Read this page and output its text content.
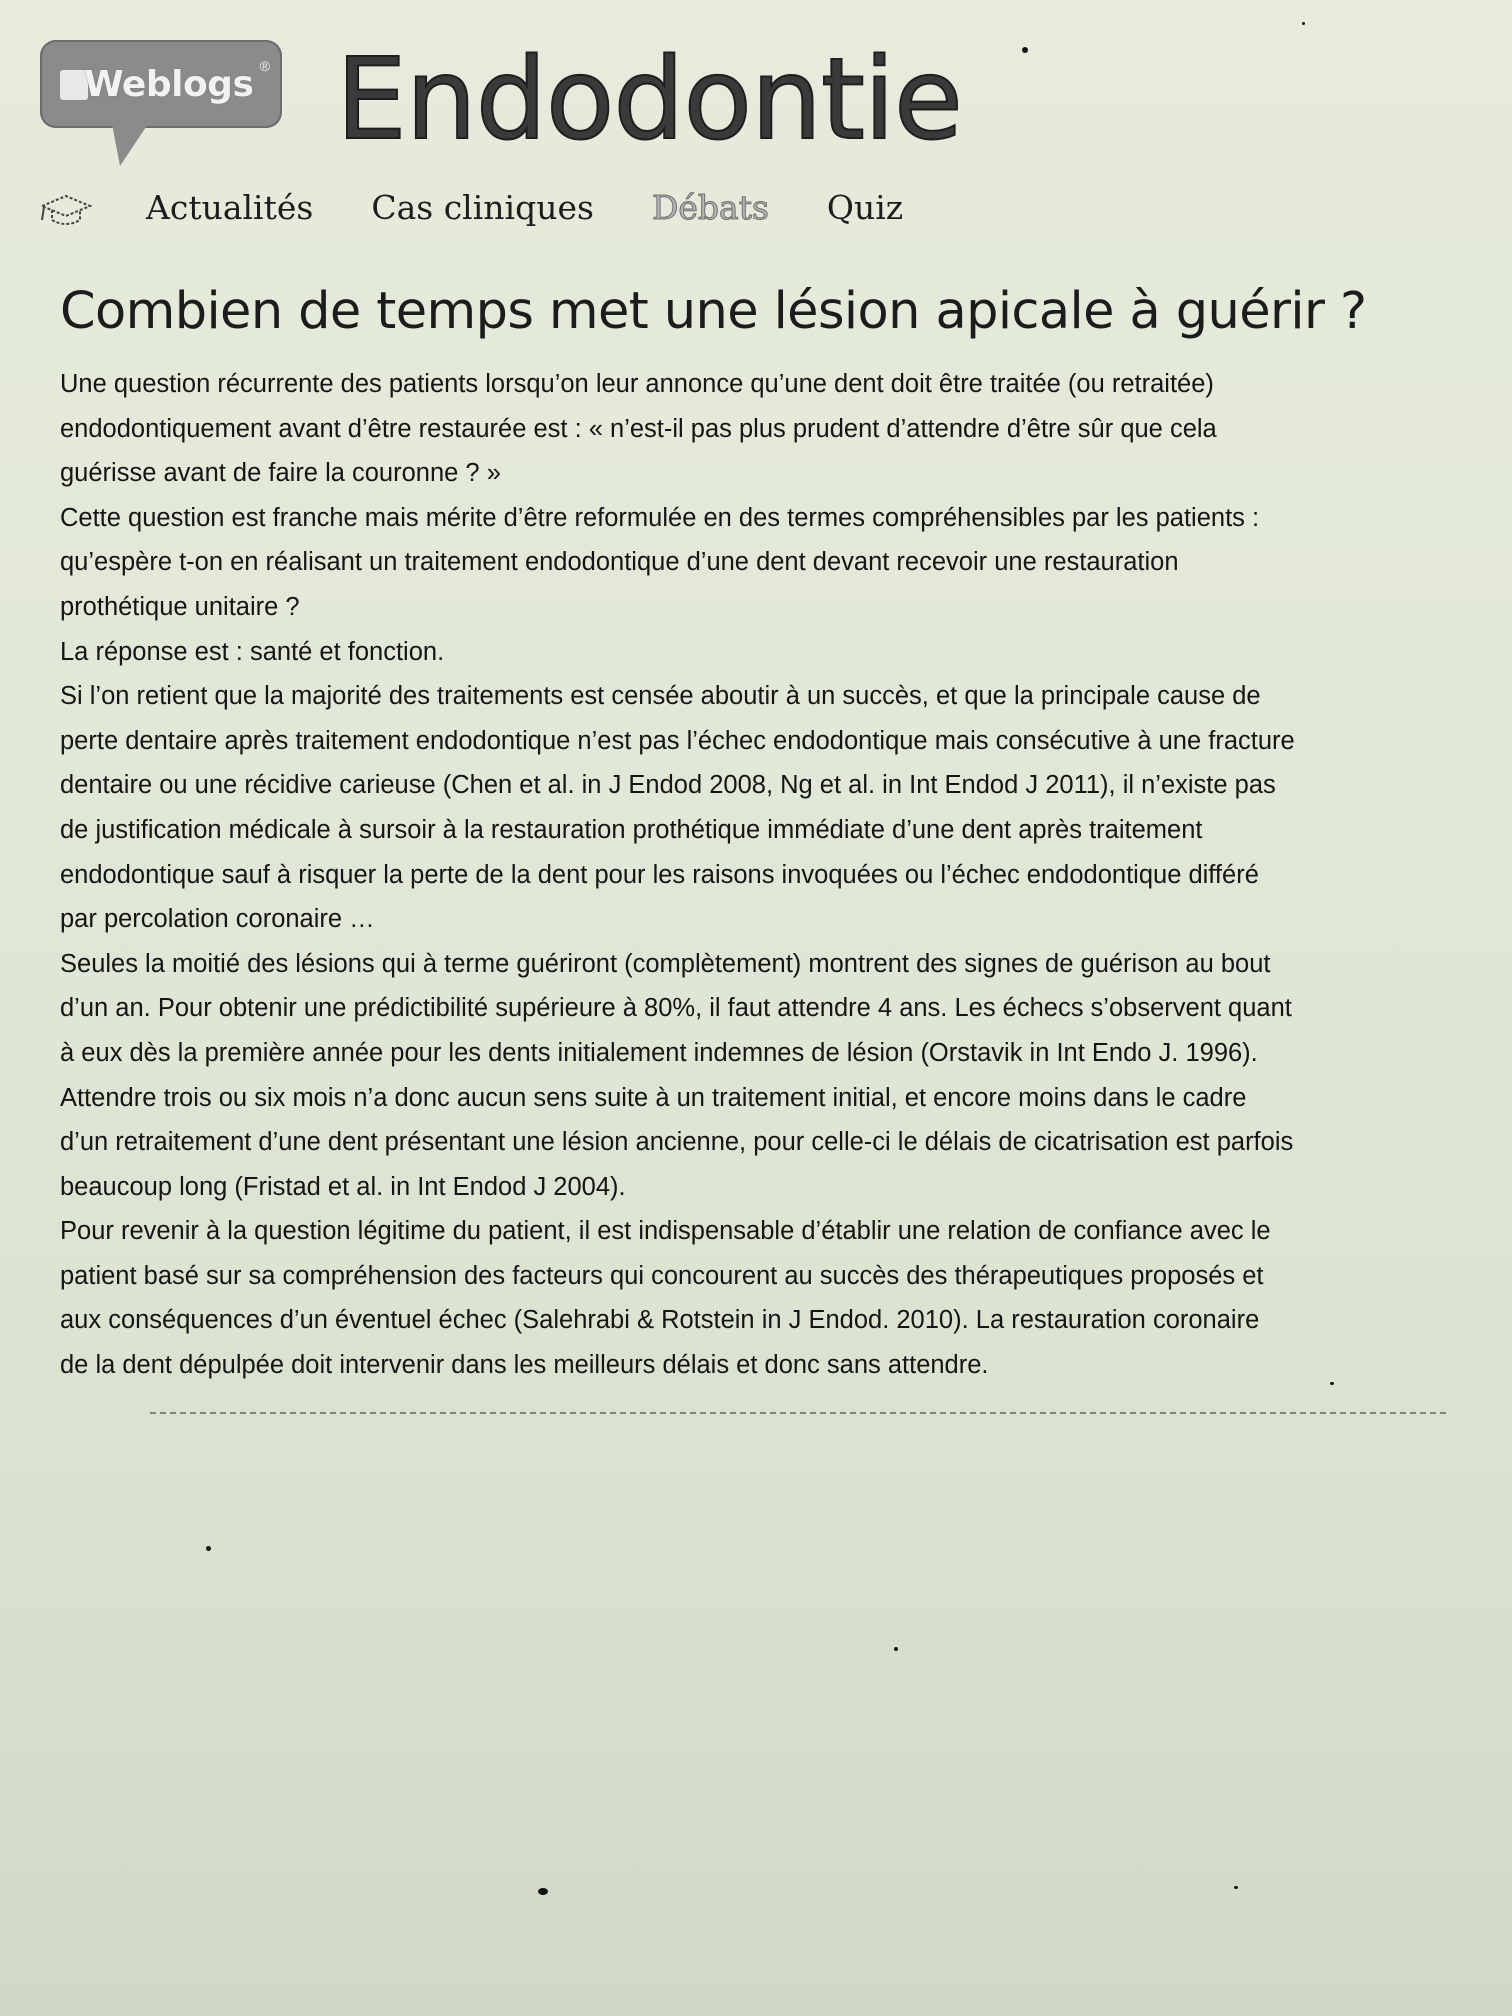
Weblogs ® Endodontie
Actualités Cas cliniques Débats Quiz
Combien de temps met une lésion apicale à guérir ?

Une question récurrente des patients lorsqu’on leur annonce qu’une dent doit être traitée (ou retraitée)

endodontiquement avant d’être restaurée est : « n’est-il pas plus prudent d’attendre d’être sûr que cela

guérisse avant de faire la couronne ? »

Cette question est franche mais mérite d’être reformulée en des termes compréhensibles par les patients :

qu’espère t-on en réalisant un traitement endodontique d’une dent devant recevoir une restauration

prothétique unitaire ?

La réponse est : santé et fonction.

Si l’on retient que la majorité des traitements est censée aboutir à un succès, et que la principale cause de

perte dentaire après traitement endodontique n’est pas l’échec endodontique mais consécutive à une fracture

dentaire ou une récidive carieuse (Chen et al. in J Endod 2008, Ng et al. in Int Endod J 2011), il n’existe pas

de justification médicale à sursoir à la restauration prothétique immédiate d’une dent après traitement

endodontique sauf à risquer la perte de la dent pour les raisons invoquées ou l’échec endodontique différé

par percolation coronaire …

Seules la moitié des lésions qui à terme guériront (complètement) montrent des signes de guérison au bout

d’un an. Pour obtenir une prédictibilité supérieure à 80%, il faut attendre 4 ans. Les échecs s’observent quant

à eux dès la première année pour les dents initialement indemnes de lésion (Orstavik in Int Endo J. 1996).

Attendre trois ou six mois n’a donc aucun sens suite à un traitement initial, et encore moins dans le cadre

d’un retraitement d’une dent présentant une lésion ancienne, pour celle-ci le délais de cicatrisation est parfois

beaucoup long (Fristad et al. in Int Endod J 2004).

Pour revenir à la question légitime du patient, il est indispensable d’établir une relation de confiance avec le

patient basé sur sa compréhension des facteurs qui concourent au succès des thérapeutiques proposés et

aux conséquences d’un éventuel échec (Salehrabi & Rotstein in J Endod. 2010). La restauration coronaire

de la dent dépulpée doit intervenir dans les meilleurs délais et donc sans attendre.
